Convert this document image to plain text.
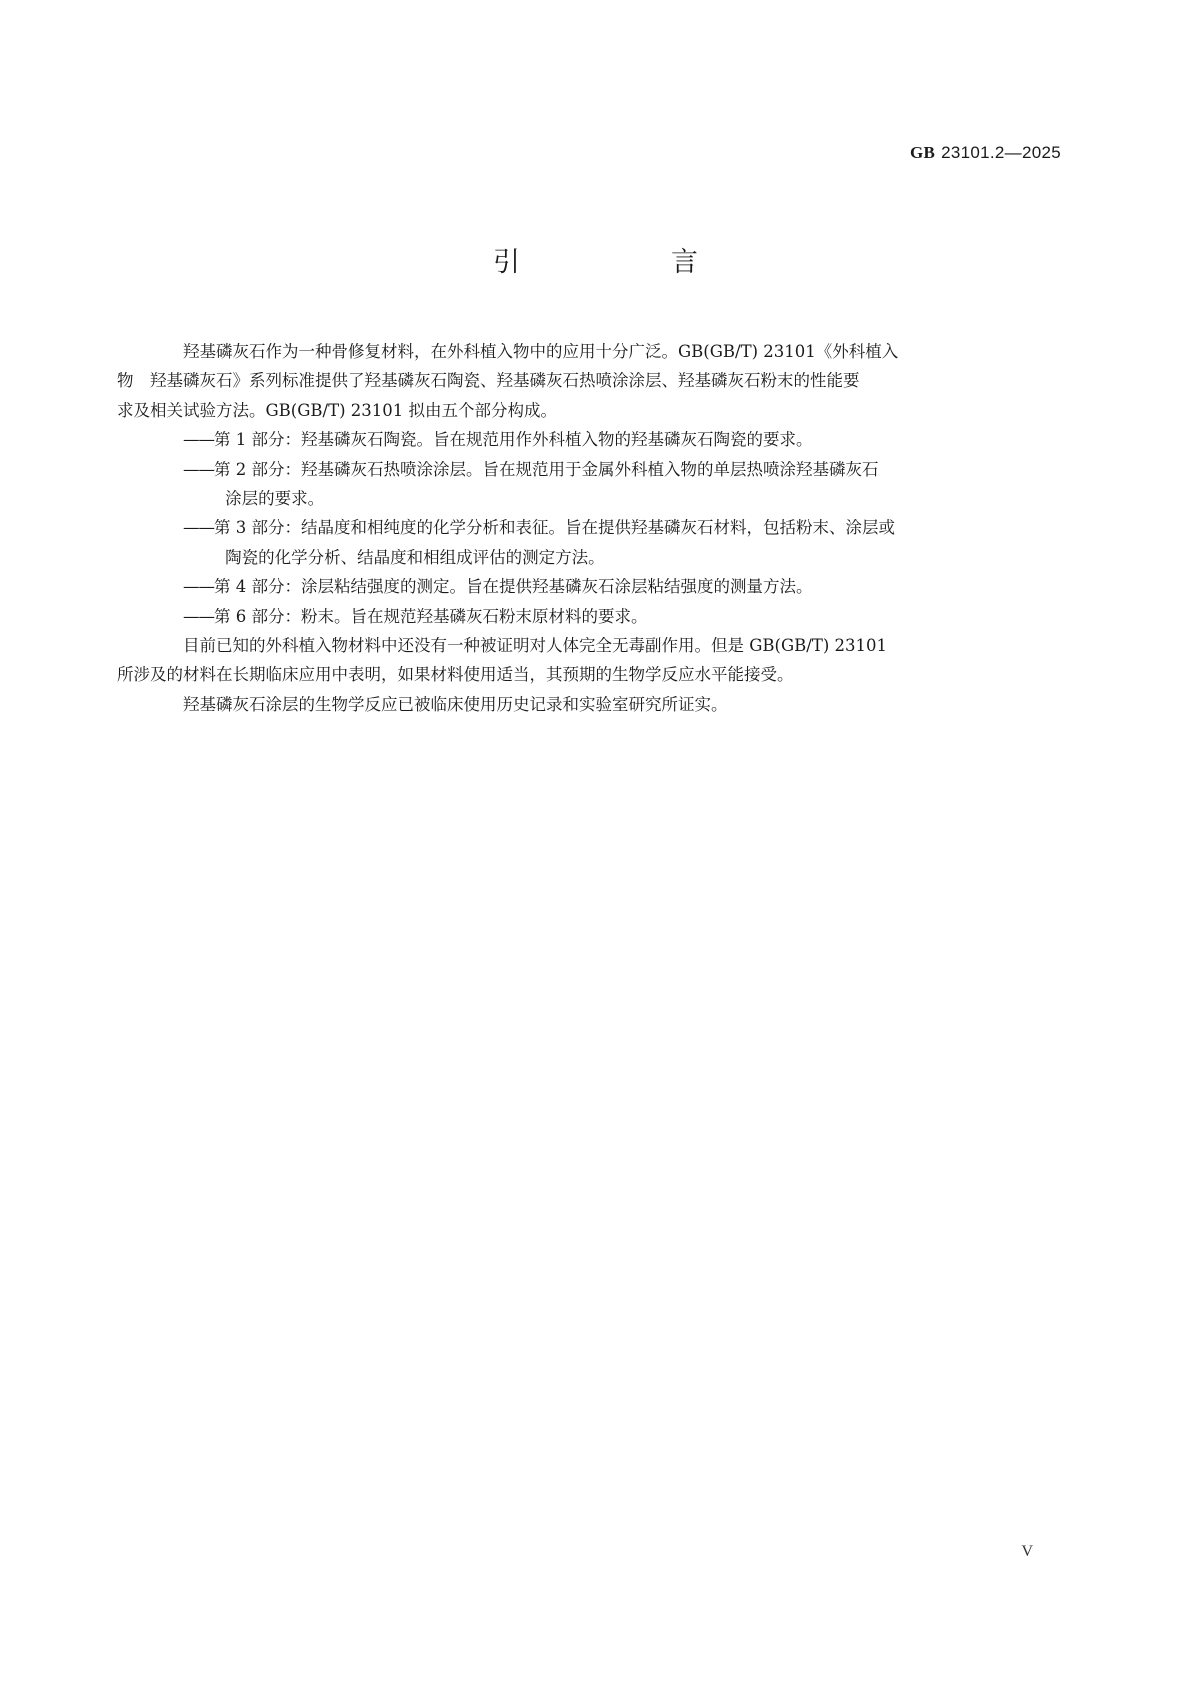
GB 23101.2—2025
引　言

羟基磷灰石作为一种骨修复材料，在外科植入物中的应用十分广泛。GB(GB/T) 23101《外科植入
物　羟基磷灰石》系列标准提供了羟基磷灰石陶瓷、羟基磷灰石热喷涂涂层、羟基磷灰石粉末的性能要
求及相关试验方法。GB(GB/T) 23101 拟由五个部分构成。

——第 1 部分：羟基磷灰石陶瓷。旨在规范用作外科植入物的羟基磷灰石陶瓷的要求。

——第 2 部分：羟基磷灰石热喷涂涂层。旨在规范用于金属外科植入物的单层热喷涂羟基磷灰石
涂层的要求。

——第 3 部分：结晶度和相纯度的化学分析和表征。旨在提供羟基磷灰石材料，包括粉末、涂层或
陶瓷的化学分析、结晶度和相组成评估的测定方法。

——第 4 部分：涂层粘结强度的测定。旨在提供羟基磷灰石涂层粘结强度的测量方法。

——第 6 部分：粉末。旨在规范羟基磷灰石粉末原材料的要求。

目前已知的外科植入物材料中还没有一种被证明对人体完全无毒副作用。但是 GB(GB/T) 23101
所涉及的材料在长期临床应用中表明，如果材料使用适当，其预期的生物学反应水平能接受。

羟基磷灰石涂层的生物学反应已被临床使用历史记录和实验室研究所证实。

V
